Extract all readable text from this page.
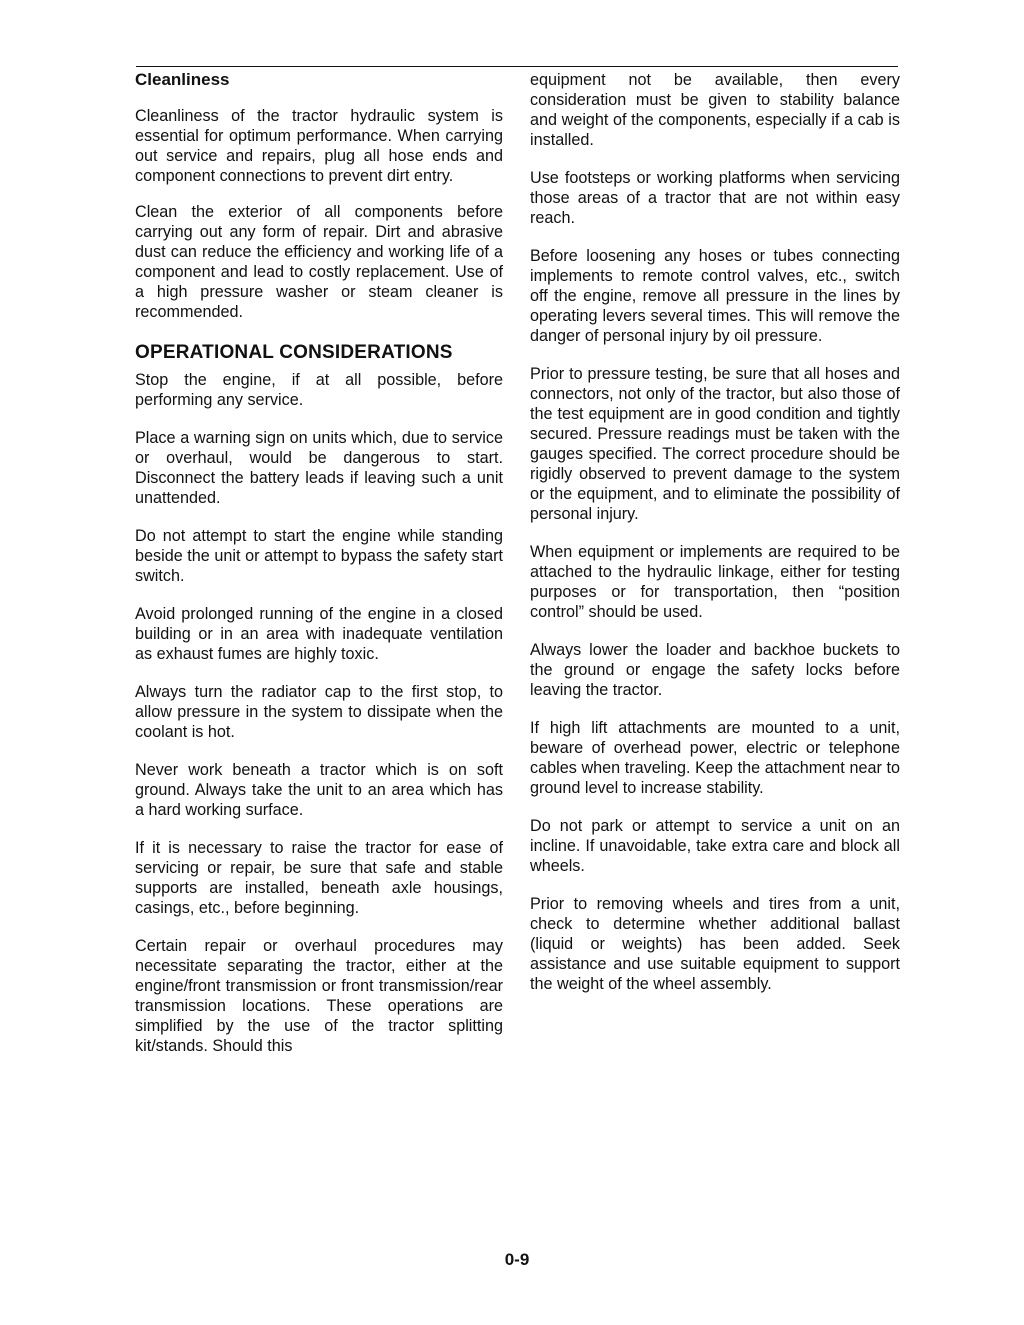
Cleanliness

Cleanliness of the tractor hydraulic system is essential for optimum performance. When carrying out service and repairs, plug all hose ends and component connections to prevent dirt entry.

Clean the exterior of all components before carrying out any form of repair. Dirt and abrasive dust can reduce the efficiency and working life of a component and lead to costly replacement. Use of a high pressure washer or steam cleaner is recommended.

OPERATIONAL CONSIDERATIONS

Stop the engine, if at all possible, before performing any service.

Place a warning sign on units which, due to service or overhaul, would be dangerous to start. Disconnect the battery leads if leaving such a unit unattended.

Do not attempt to start the engine while standing beside the unit or attempt to bypass the safety start switch.

Avoid prolonged running of the engine in a closed building or in an area with inadequate ventilation as exhaust fumes are highly toxic.

Always turn the radiator cap to the first stop, to allow pressure in the system to dissipate when the coolant is hot.

Never work beneath a tractor which is on soft ground. Always take the unit to an area which has a hard working surface.

If it is necessary to raise the tractor for ease of servicing or repair, be sure that safe and stable supports are installed, beneath axle housings, casings, etc., before beginning.

Certain repair or overhaul procedures may necessitate separating the tractor, either at the engine/front transmission or front transmission/rear transmission locations. These operations are simplified by the use of the tractor splitting kit/stands. Should this

equipment not be available, then every consideration must be given to stability balance and weight of the components, especially if a cab is installed.

Use footsteps or working platforms when servicing those areas of a tractor that are not within easy reach.

Before loosening any hoses or tubes connecting implements to remote control valves, etc., switch off the engine, remove all pressure in the lines by operating levers several times. This will remove the danger of personal injury by oil pressure.

Prior to pressure testing, be sure that all hoses and connectors, not only of the tractor, but also those of the test equipment are in good condition and tightly secured. Pressure readings must be taken with the gauges specified. The correct procedure should be rigidly observed to prevent damage to the system or the equipment, and to eliminate the possibility of personal injury.

When equipment or implements are required to be attached to the hydraulic linkage, either for testing purposes or for transportation, then “position control” should be used.

Always lower the loader and backhoe buckets to the ground or engage the safety locks before leaving the tractor.

If high lift attachments are mounted to a unit, beware of overhead power, electric or telephone cables when traveling. Keep the attachment near to ground level to increase stability.

Do not park or attempt to service a unit on an incline. If unavoidable, take extra care and block all wheels.

Prior to removing wheels and tires from a unit, check to determine whether additional ballast (liquid or weights) has been added. Seek assistance and use suitable equipment to support the weight of the wheel assembly.

0-9
